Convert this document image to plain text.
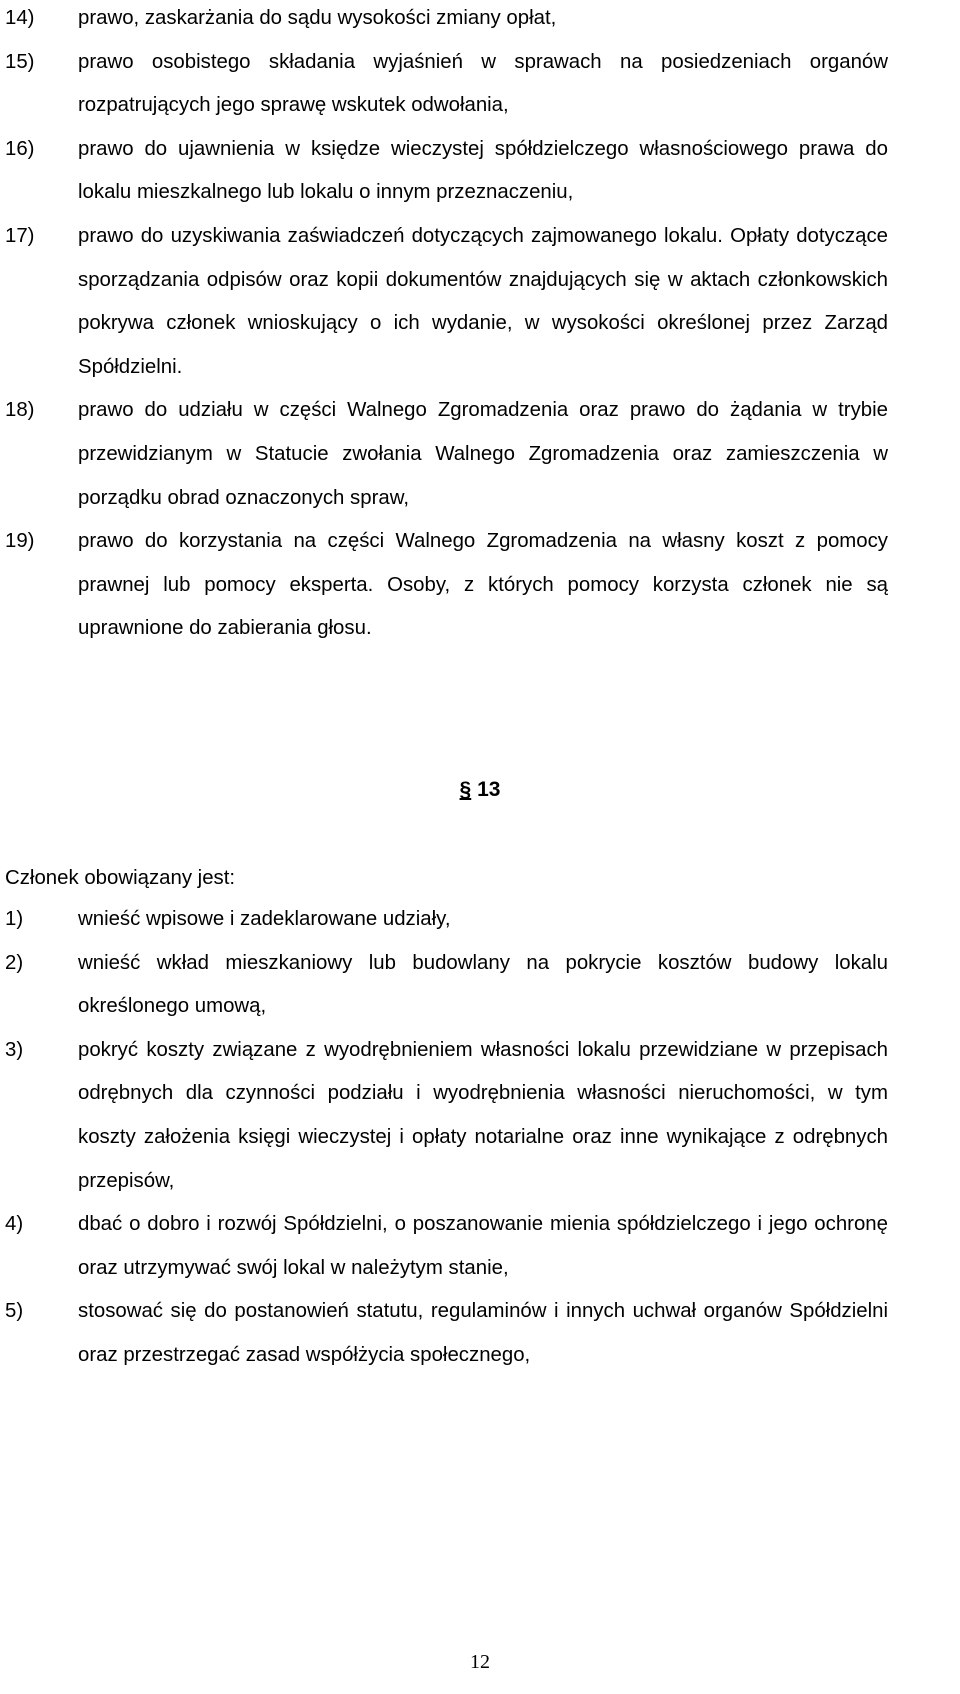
14) prawo, zaskarżania do sądu wysokości zmiany opłat,
15) prawo osobistego składania wyjaśnień w sprawach na posiedzeniach organów rozpatrujących jego sprawę wskutek odwołania,
16) prawo do ujawnienia w księdze wieczystej spółdzielczego własnościowego prawa do lokalu mieszkalnego lub lokalu o innym przeznaczeniu,
17) prawo do uzyskiwania zaświadczeń dotyczących zajmowanego lokalu. Opłaty dotyczące sporządzania odpisów oraz kopii dokumentów znajdujących się w aktach członkowskich pokrywa członek wnioskujący o ich wydanie, w wysokości określonej przez Zarząd Spółdzielni.
18) prawo do udziału w części Walnego Zgromadzenia oraz prawo do żądania w trybie przewidzianym w Statucie zwołania Walnego Zgromadzenia oraz zamieszczenia w porządku obrad oznaczonych spraw,
19) prawo do korzystania na części Walnego Zgromadzenia na własny koszt z pomocy prawnej lub pomocy eksperta. Osoby, z których pomocy korzysta członek nie są uprawnione do zabierania głosu.
§ 13
Członek obowiązany jest:
1)	wnieść wpisowe i zadeklarowane udziały,
2)	wnieść wkład mieszkaniowy lub budowlany na pokrycie kosztów budowy lokalu określonego umową,
3)	pokryć koszty związane z wyodrębnieniem własności lokalu przewidziane w przepisach odrębnych dla czynności podziału i wyodrębnienia własności nieruchomości, w tym koszty założenia księgi wieczystej i opłaty notarialne oraz inne wynikające z odrębnych przepisów,
4)	dbać o dobro i rozwój Spółdzielni, o poszanowanie mienia spółdzielczego i jego ochronę oraz utrzymywać swój lokal w należytym stanie,
5)	stosować się do postanowień statutu, regulaminów i innych uchwał organów Spółdzielni oraz przestrzegać zasad współżycia społecznego,
12
